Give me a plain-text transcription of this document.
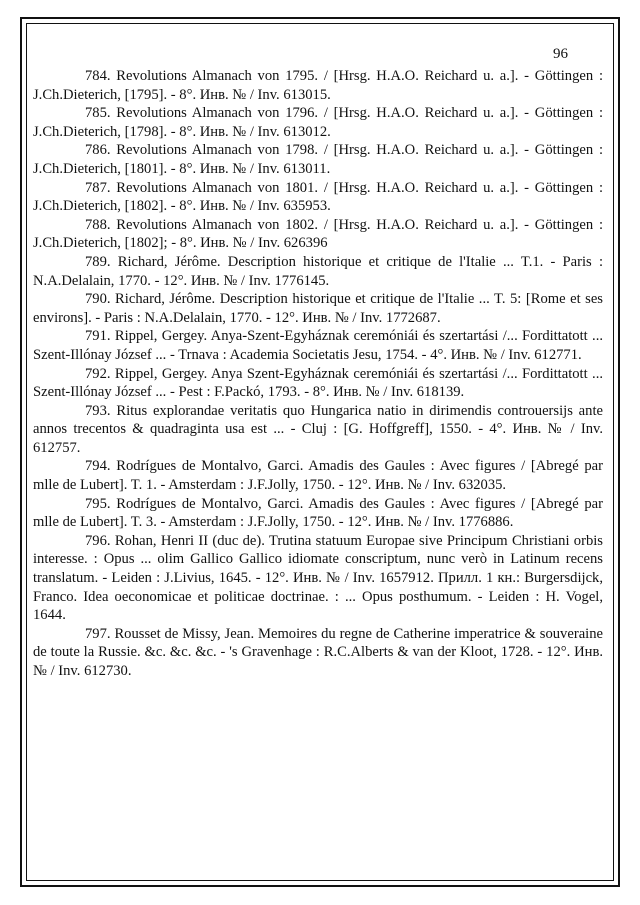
96

784. Revolutions Almanach von 1795. / [Hrsg. H.A.O. Reichard u. a.]. - Göttingen : J.Ch.Dieterich, [1795]. - 8°. Инв. № / Inv. 613015.

785. Revolutions Almanach von 1796. / [Hrsg. H.A.O. Reichard u. a.]. - Göttingen : J.Ch.Dieterich, [1798]. - 8°. Инв. № / Inv. 613012.

786. Revolutions Almanach von 1798. / [Hrsg. H.A.O. Reichard u. a.]. - Göttingen : J.Ch.Dieterich, [1801]. - 8°. Инв. № / Inv. 613011.

787. Revolutions Almanach von 1801. / [Hrsg. H.A.O. Reichard u. a.]. - Göttingen : J.Ch.Dieterich, [1802]. - 8°. Инв. № / Inv. 635953.

788. Revolutions Almanach von 1802. / [Hrsg. H.A.O. Reichard u. a.]. - Göttingen : J.Ch.Dieterich, [1802]; - 8°. Инв. № / Inv. 626396

789. Richard, Jérôme. Description historique et critique de l'Italie ... T.1. - Paris : N.A.Delalain, 1770. - 12°. Инв. № / Inv. 1776145.

790. Richard, Jérôme. Description historique et critique de l'Italie ... T. 5: [Rome et ses environs]. - Paris : N.A.Delalain, 1770. - 12°. Инв. № / Inv. 1772687.

791. Rippel, Gergey. Anya-Szent-Egyháznak ceremóniái és szertartási /... Fordittatott ... Szent-Illónay József ... - Trnava : Academia Societatis Jesu, 1754. - 4°. Инв. № / Inv. 612771.

792. Rippel, Gergey. Anya Szent-Egyháznak ceremóniái és szertartási /... Fordittatott ... Szent-Illónay József ... - Pest : F.Packó, 1793. - 8°. Инв. № / Inv. 618139.

793. Ritus explorandae veritatis quo Hungarica natio in dirimendis controuersijs ante annos trecentos & quadraginta usa est ... - Cluj : [G. Hoffgreff], 1550. - 4°. Инв. № / Inv. 612757.

794. Rodrígues de Montalvo, Garci. Amadis des Gaules : Avec figures / [Abregé par mlle de Lubert]. T. 1. - Amsterdam : J.F.Jolly, 1750. - 12°. Инв. № / Inv. 632035.

795. Rodrígues de Montalvo, Garci. Amadis des Gaules : Avec figures / [Abregé par mlle de Lubert]. T. 3. - Amsterdam : J.F.Jolly, 1750. - 12°. Инв. № / Inv. 1776886.

796. Rohan, Henri II (duc de). Trutina statuum Europae sive Principum Christiani orbis interesse. : Opus ... olim Gallico Gallico idiomate conscriptum, nunc verò in Latinum recens translatum. - Leiden : J.Livius, 1645. - 12°. Инв. № / Inv. 1657912. Прилл. 1 кн.: Burgersdijck, Franco. Idea oeconomicae et politicae doctrinae. : ... Opus posthumum. - Leiden : H. Vogel, 1644.

797. Rousset de Missy, Jean. Memoires du regne de Catherine imperatrice & souveraine de toute la Russie. &c. &c. &c. - 's Gravenhage : R.C.Alberts & van der Kloot, 1728. - 12°. Инв. № / Inv. 612730.
